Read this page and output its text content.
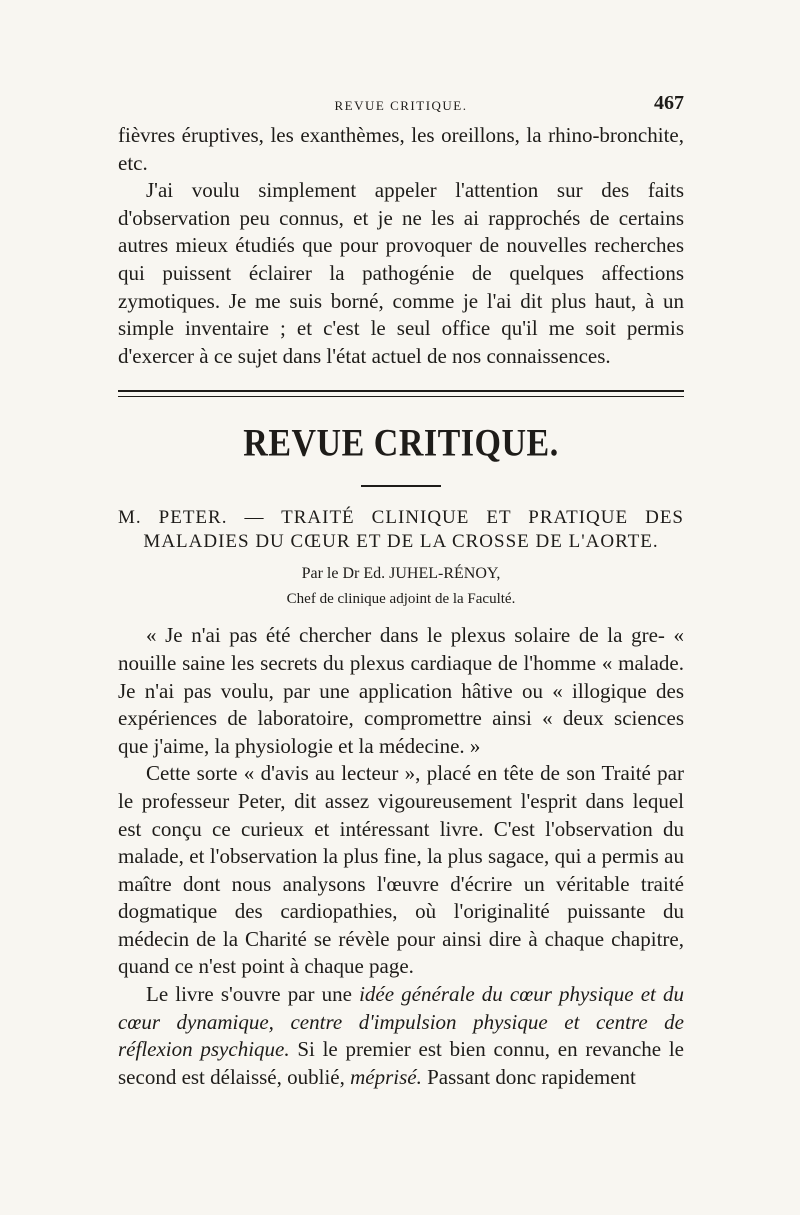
REVUE CRITIQUE.	467

fièvres éruptives, les exanthèmes, les oreillons, la rhino-bronchite, etc.

J'ai voulu simplement appeler l'attention sur des faits d'observation peu connus, et je ne les ai rapprochés de certains autres mieux étudiés que pour provoquer de nouvelles recherches qui puissent éclairer la pathogénie de quelques affections zymotiques. Je me suis borné, comme je l'ai dit plus haut, à un simple inventaire ; et c'est le seul office qu'il me soit permis d'exercer à ce sujet dans l'état actuel de nos connaissences.

REVUE CRITIQUE.
M. PETER. — TRAITÉ CLINIQUE ET PRATIQUE DES
MALADIES DU CŒUR ET DE LA CROSSE DE L'AORTE.
Par le Dr Ed. JUHEL-RÉNOY,
Chef de clinique adjoint de la Faculté.

« Je n'ai pas été chercher dans le plexus solaire de la gre- « nouille saine les secrets du plexus cardiaque de l'homme « malade. Je n'ai pas voulu, par une application hâtive ou « illogique des expériences de laboratoire, compromettre ainsi « deux sciences que j'aime, la physiologie et la médecine. »

Cette sorte « d'avis au lecteur », placé en tête de son Traité par le professeur Peter, dit assez vigoureusement l'esprit dans lequel est conçu ce curieux et intéressant livre. C'est l'observation du malade, et l'observation la plus fine, la plus sagace, qui a permis au maître dont nous analysons l'œuvre d'écrire un véritable traité dogmatique des cardiopathies, où l'originalité puissante du médecin de la Charité se révèle pour ainsi dire à chaque chapitre, quand ce n'est point à chaque page.

Le livre s'ouvre par une idée générale du cœur physique et du cœur dynamique, centre d'impulsion physique et centre de réflexion psychique. Si le premier est bien connu, en revanche le second est délaissé, oublié, méprisé. Passant donc rapidement
